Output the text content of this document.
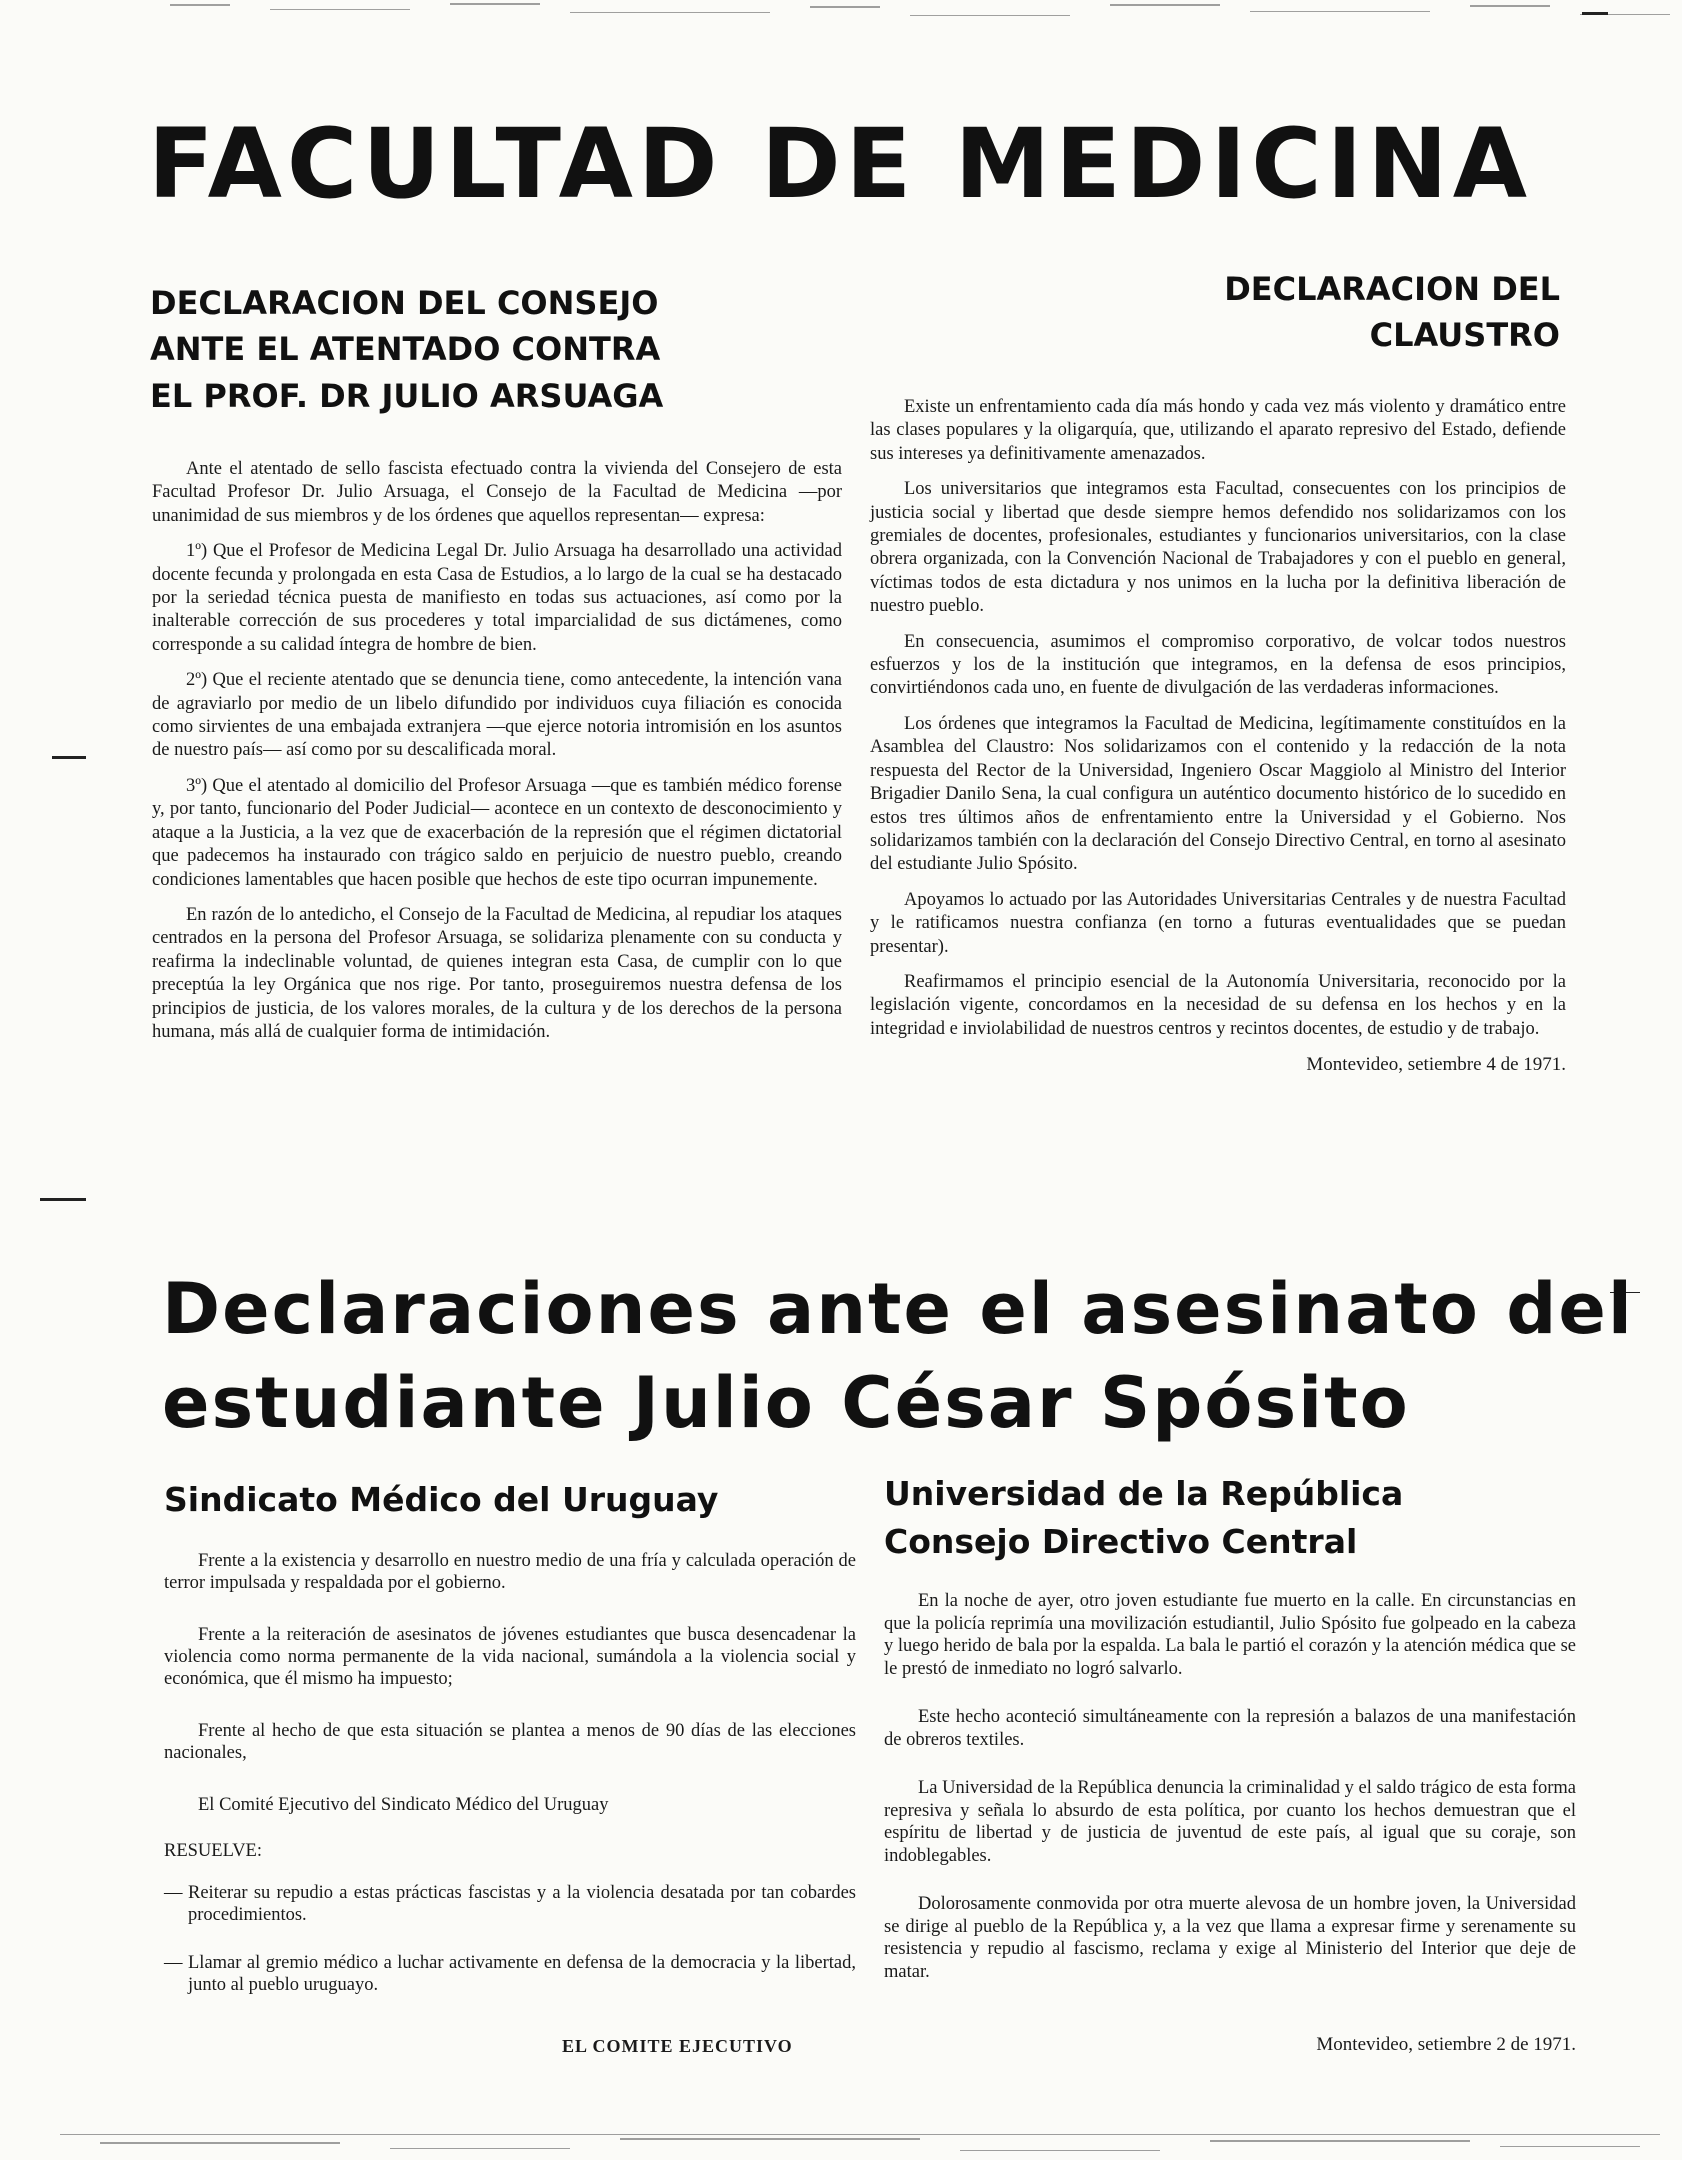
FACULTAD DE MEDICINA
DECLARACION DEL CONSEJO
ANTE EL ATENTADO CONTRA
EL PROF. DR JULIO ARSUAGA

Ante el atentado de sello fascista efectuado contra la vivienda del Consejero de esta Facultad Profesor Dr. Julio Arsuaga, el Consejo de la Facultad de Medicina —por unanimidad de sus miembros y de los órdenes que aquellos representan— expresa:

1º) Que el Profesor de Medicina Legal Dr. Julio Arsuaga ha desarrollado una actividad docente fecunda y prolongada en esta Casa de Estudios, a lo largo de la cual se ha destacado por la seriedad técnica puesta de manifiesto en todas sus actuaciones, así como por la inalterable corrección de sus procederes y total imparcialidad de sus dictámenes, como corresponde a su calidad íntegra de hombre de bien.

2º) Que el reciente atentado que se denuncia tiene, como antecedente, la intención vana de agraviarlo por medio de un libelo difundido por individuos cuya filiación es conocida como sirvientes de una embajada extranjera —que ejerce notoria intromisión en los asuntos de nuestro país— así como por su descalificada moral.

3º) Que el atentado al domicilio del Profesor Arsuaga —que es también médico forense y, por tanto, funcionario del Poder Judicial— acontece en un contexto de desconocimiento y ataque a la Justicia, a la vez que de exacerbación de la represión que el régimen dictatorial que padecemos ha instaurado con trágico saldo en perjuicio de nuestro pueblo, creando condiciones lamentables que hacen posible que hechos de este tipo ocurran impunemente.

En razón de lo antedicho, el Consejo de la Facultad de Medicina, al repudiar los ataques centrados en la persona del Profesor Arsuaga, se solidariza plenamente con su conducta y reafirma la indeclinable voluntad, de quienes integran esta Casa, de cumplir con lo que preceptúa la ley Orgánica que nos rige. Por tanto, proseguiremos nuestra defensa de los principios de justicia, de los valores morales, de la cultura y de los derechos de la persona humana, más allá de cualquier forma de intimidación.

DECLARACION DEL
CLAUSTRO

Existe un enfrentamiento cada día más hondo y cada vez más violento y dramático entre las clases populares y la oligarquía, que, utilizando el aparato represivo del Estado, defiende sus intereses ya definitivamente amenazados.

Los universitarios que integramos esta Facultad, consecuentes con los principios de justicia social y libertad que desde siempre hemos defendido nos solidarizamos con los gremiales de docentes, profesionales, estudiantes y funcionarios universitarios, con la clase obrera organizada, con la Convención Nacional de Trabajadores y con el pueblo en general, víctimas todos de esta dictadura y nos unimos en la lucha por la definitiva liberación de nuestro pueblo.

En consecuencia, asumimos el compromiso corporativo, de volcar todos nuestros esfuerzos y los de la institución que integramos, en la defensa de esos principios, convirtiéndonos cada uno, en fuente de divulgación de las verdaderas informaciones.

Los órdenes que integramos la Facultad de Medicina, legítimamente constituídos en la Asamblea del Claustro: Nos solidarizamos con el contenido y la redacción de la nota respuesta del Rector de la Universidad, Ingeniero Oscar Maggiolo al Ministro del Interior Brigadier Danilo Sena, la cual configura un auténtico documento histórico de lo sucedido en estos tres últimos años de enfrentamiento entre la Universidad y el Gobierno. Nos solidarizamos también con la declaración del Consejo Directivo Central, en torno al asesinato del estudiante Julio Spósito.

Apoyamos lo actuado por las Autoridades Universitarias Centrales y de nuestra Facultad y le ratificamos nuestra confianza (en torno a futuras eventualidades que se puedan presentar).

Reafirmamos el principio esencial de la Autonomía Universitaria, reconocido por la legislación vigente, concordamos en la necesidad de su defensa en los hechos y en la integridad e inviolabilidad de nuestros centros y recintos docentes, de estudio y de trabajo.

Montevideo, setiembre 4 de 1971.
Declaraciones ante el asesinato del
estudiante Julio César Spósito
Sindicato Médico del Uruguay

Frente a la existencia y desarrollo en nuestro medio de una fría y calculada operación de terror impulsada y respaldada por el gobierno.

Frente a la reiteración de asesinatos de jóvenes estudiantes que busca desencadenar la violencia como norma permanente de la vida nacional, sumándola a la violencia social y económica, que él mismo ha impuesto;

Frente al hecho de que esta situación se plantea a menos de 90 días de las elecciones nacionales,

El Comité Ejecutivo del Sindicato Médico del Uruguay

RESUELVE:

— Reiterar su repudio a estas prácticas fascistas y a la violencia desatada por tan cobardes procedimientos.

— Llamar al gremio médico a luchar activamente en defensa de la democracia y la libertad, junto al pueblo uruguayo.

EL COMITE EJECUTIVO
Universidad de la República
Consejo Directivo Central

En la noche de ayer, otro joven estudiante fue muerto en la calle. En circunstancias en que la policía reprimía una movilización estudiantil, Julio Spósito fue golpeado en la cabeza y luego herido de bala por la espalda. La bala le partió el corazón y la atención médica que se le prestó de inmediato no logró salvarlo.

Este hecho aconteció simultáneamente con la represión a balazos de una manifestación de obreros textiles.

La Universidad de la República denuncia la criminalidad y el saldo trágico de esta forma represiva y señala lo absurdo de esta política, por cuanto los hechos demuestran que el espíritu de libertad y de justicia de juventud de este país, al igual que su coraje, son indoblegables.

Dolorosamente conmovida por otra muerte alevosa de un hombre joven, la Universidad se dirige al pueblo de la República y, a la vez que llama a expresar firme y serenamente su resistencia y repudio al fascismo, reclama y exige al Ministerio del Interior que deje de matar.

Montevideo, setiembre 2 de 1971.
